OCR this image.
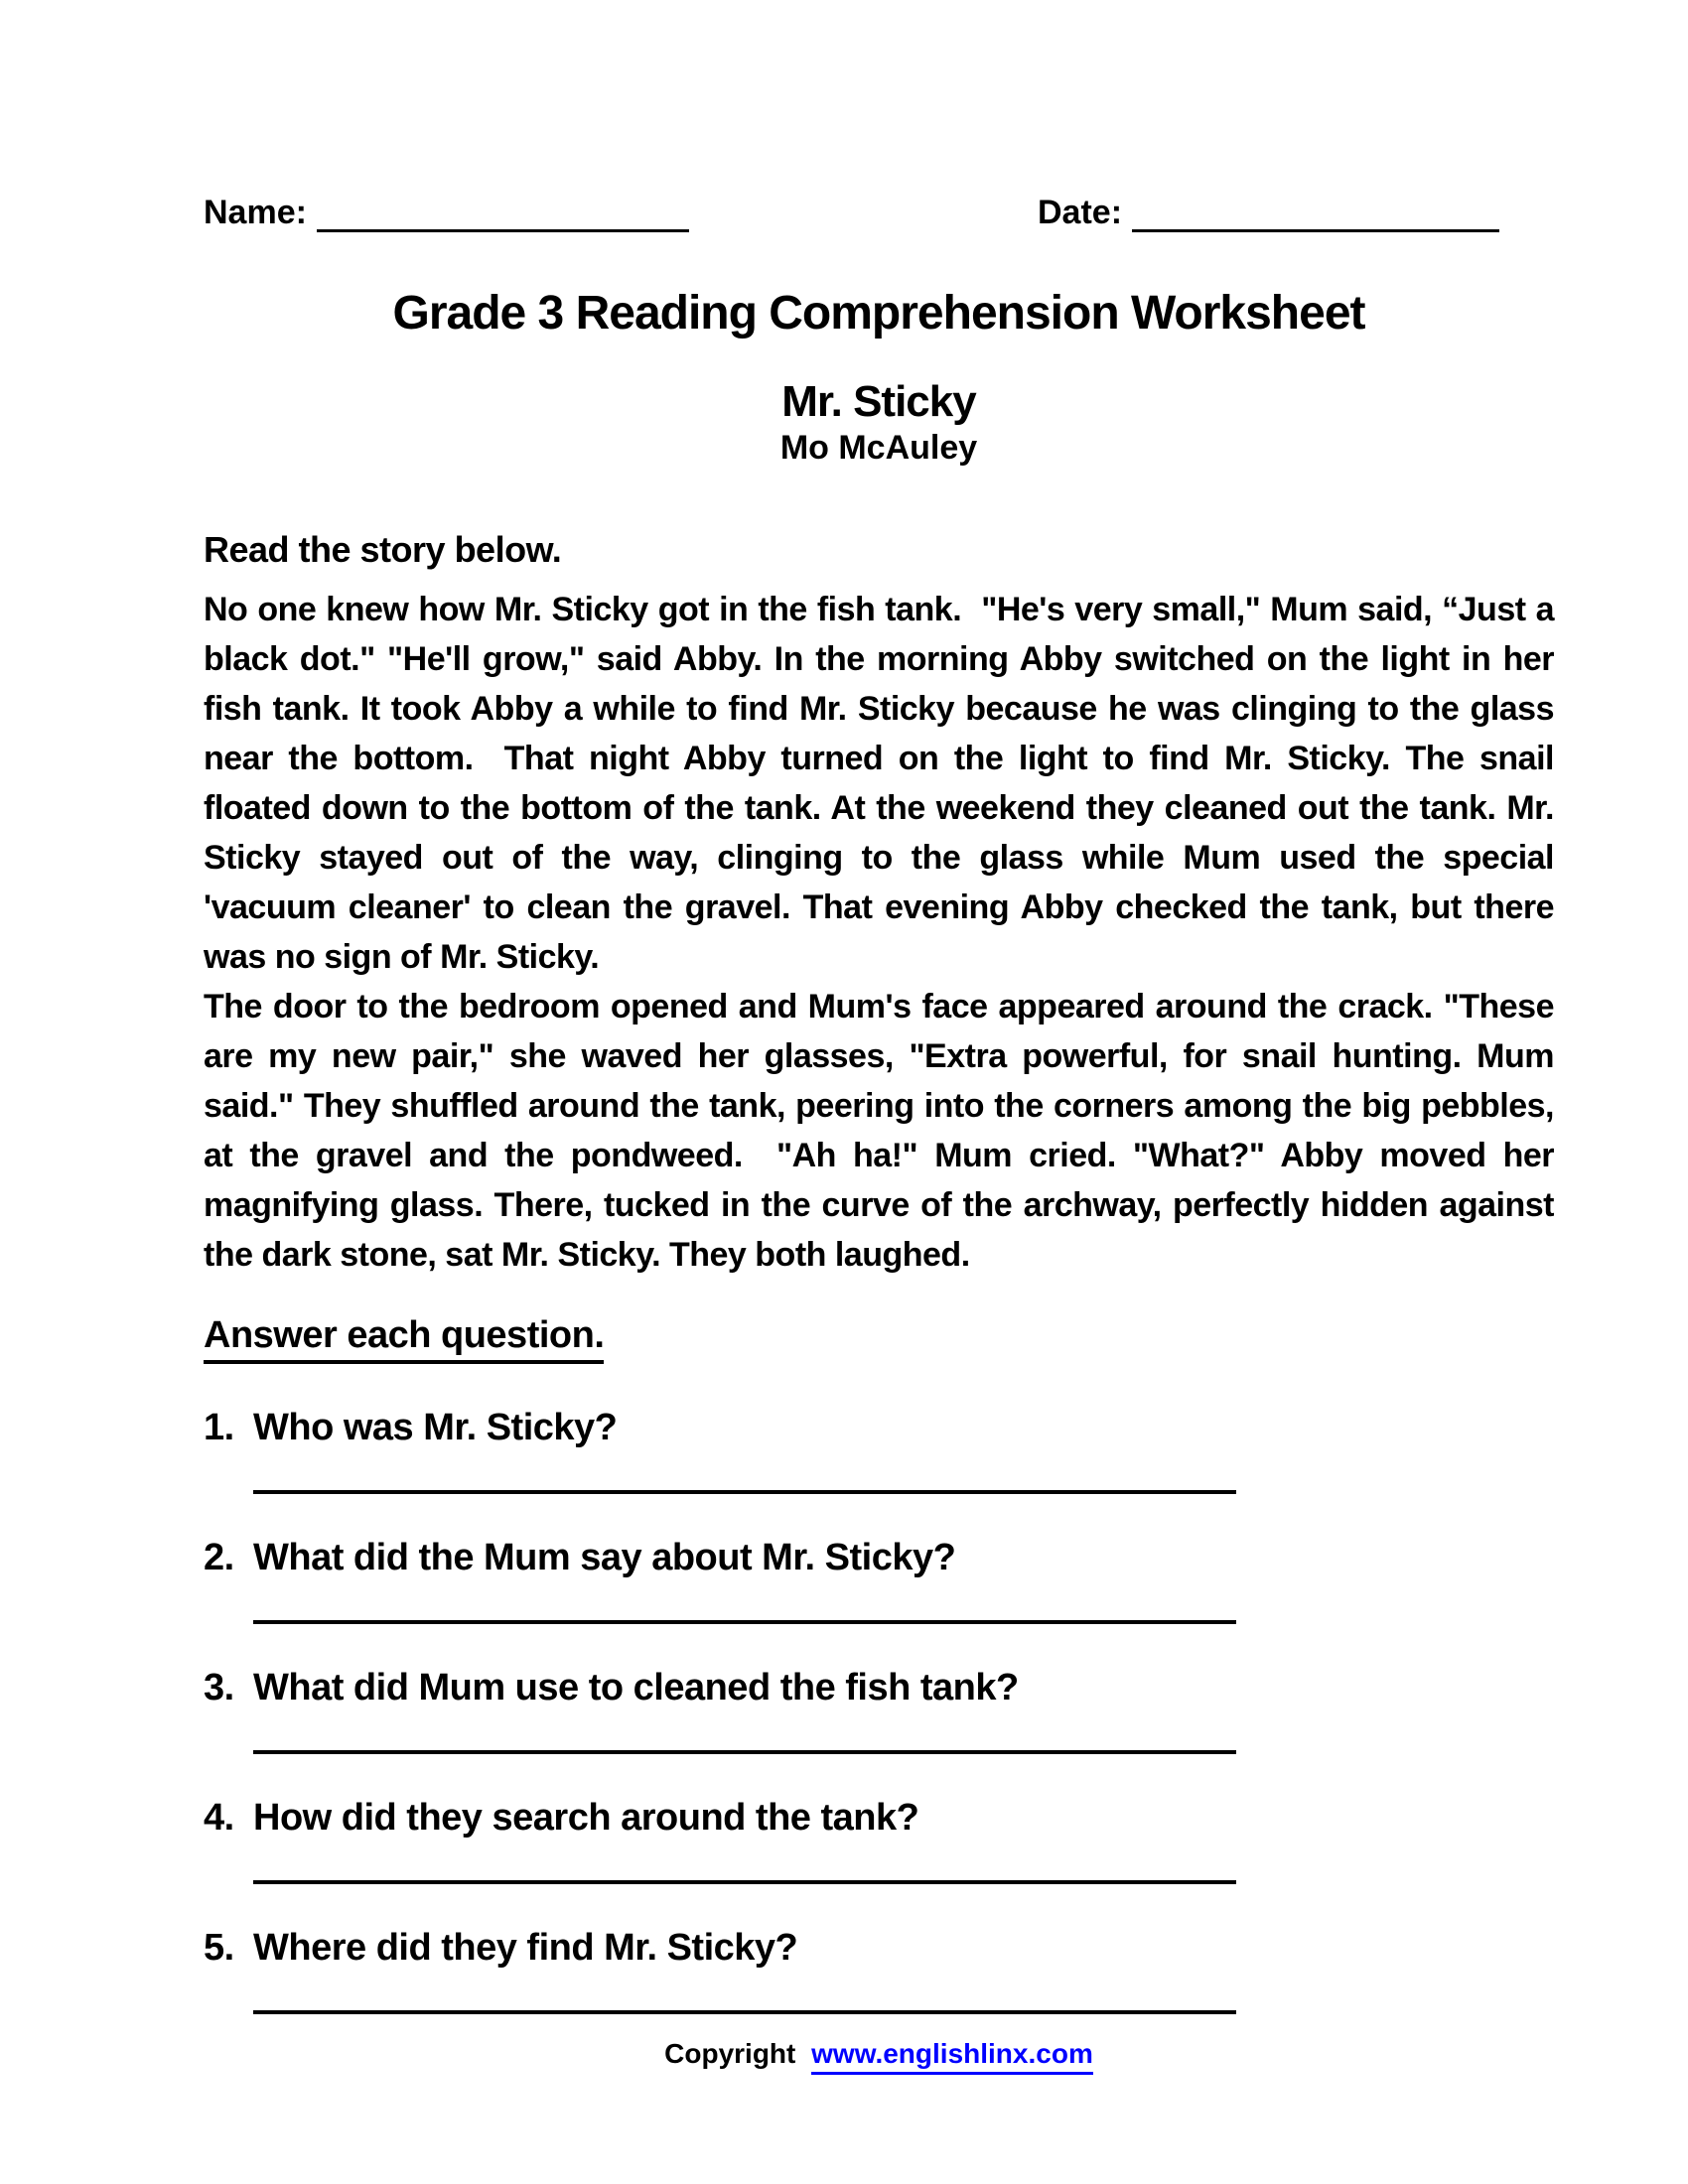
Name:	Date:
Grade 3 Reading Comprehension Worksheet
Mr. Sticky
Mo McAuley
Read the story below.

No one knew how Mr. Sticky got in the fish tank.  "He's very small," Mum said, “Just a black dot." "He'll grow," said Abby. In the morning Abby switched on the light in her fish tank. It took Abby a while to find Mr. Sticky because he was clinging to the glass near the bottom.  That night Abby turned on the light to find Mr. Sticky. The snail floated down to the bottom of the tank. At the weekend they cleaned out the tank. Mr. Sticky stayed out of the way, clinging to the glass while Mum used the special 'vacuum cleaner' to clean the gravel. That evening Abby checked the tank, but there was no sign of Mr. Sticky.

The door to the bedroom opened and Mum's face appeared around the crack. "These are my new pair," she waved her glasses, "Extra powerful, for snail hunting. Mum said." They shuffled around the tank, peering into the corners among the big pebbles, at the gravel and the pondweed.  "Ah ha!" Mum cried. "What?" Abby moved her magnifying glass. There, tucked in the curve of the archway, perfectly hidden against the dark stone, sat Mr. Sticky. They both laughed.

Answer each question.
1. Who was Mr. Sticky?
2. What did the Mum say about Mr. Sticky?
3. What did Mum use to cleaned the fish tank?
4. How did they search around the tank?
5. Where did they find Mr. Sticky?
Copyright www.englishlinx.com
